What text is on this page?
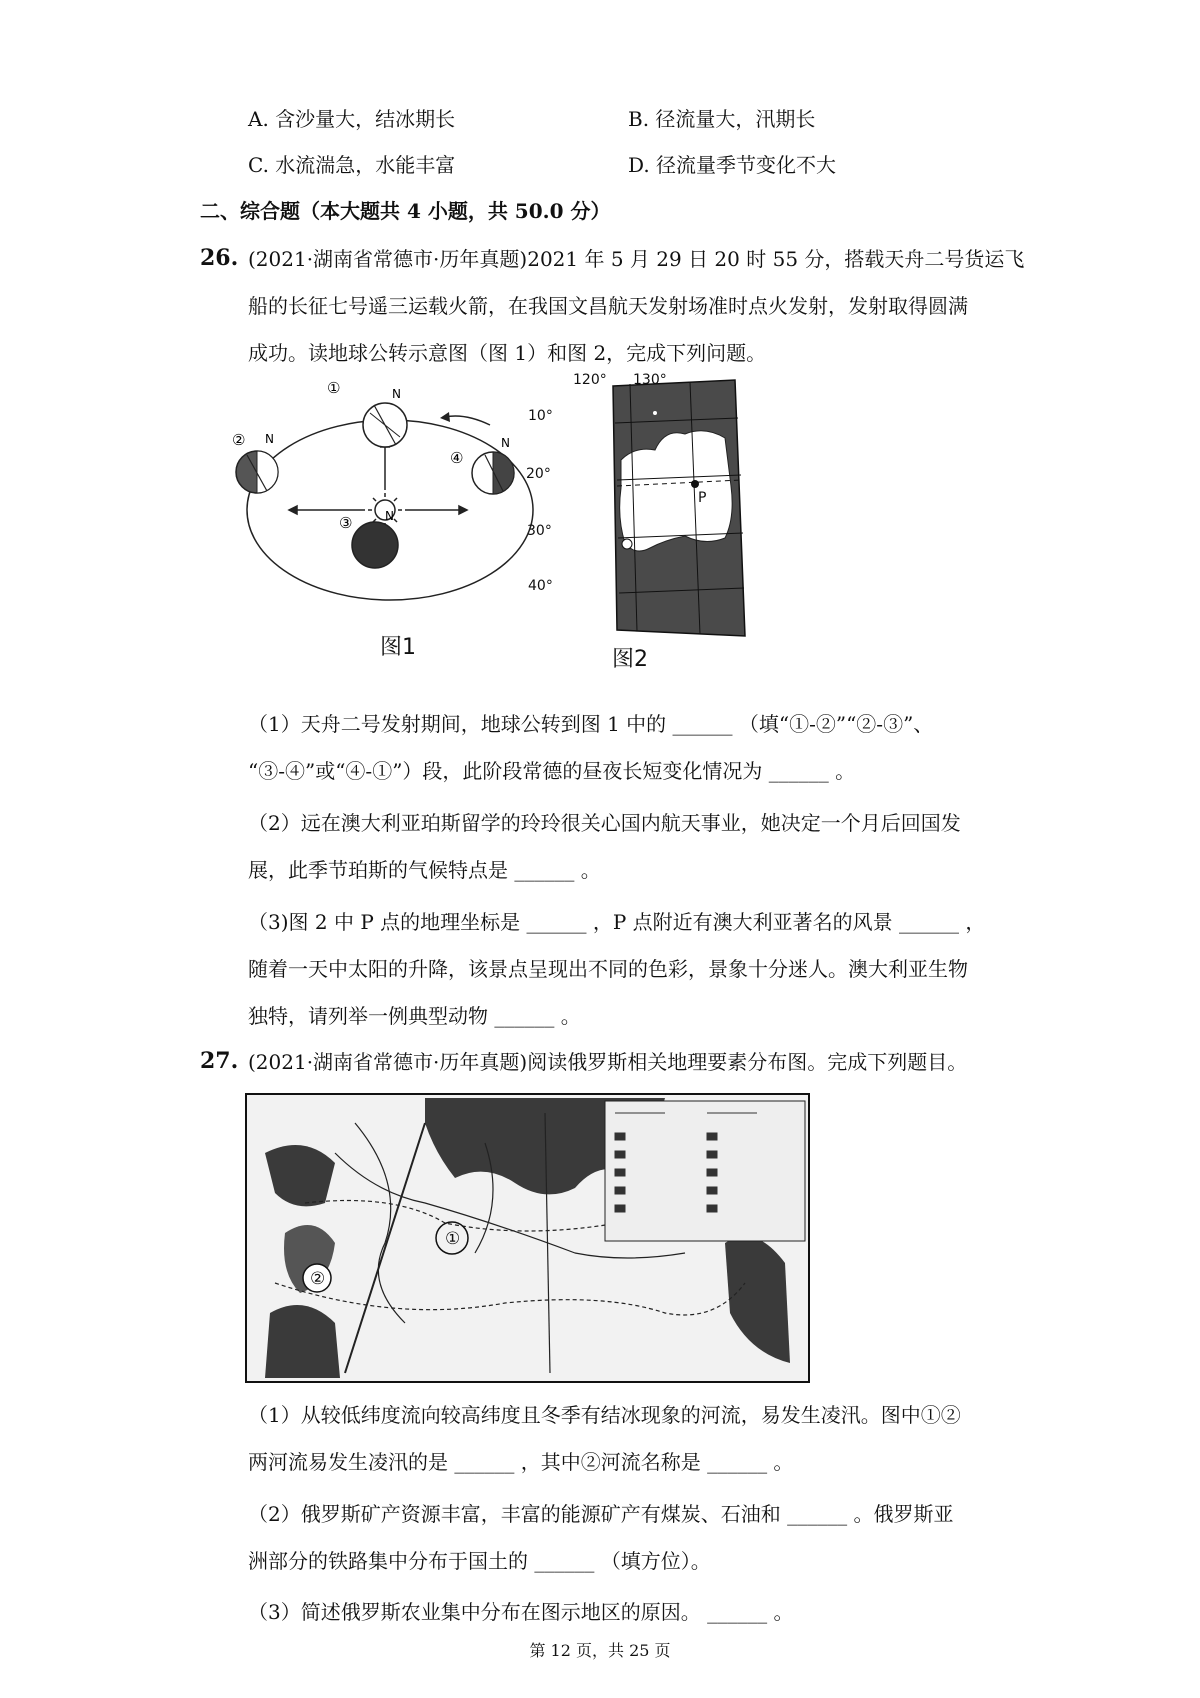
A. 含沙量大，结冰期长	B. 径流量大，汛期长
C. 水流湍急，水能丰富	D. 径流量季节变化不大
二、综合题（本大题共 4 小题，共 50.0 分）
26. (2021·湖南省常德市·历年真题)2021 年 5 月 29 日 20 时 55 分，搭载天舟二号货运飞
船的长征七号遥三运载火箭，在我国文昌航天发射场准时点火发射，发射取得圆满
成功。读地球公转示意图（图 1）和图 2，完成下列问题。
①
②
③
④
N
N
N
N
图1
P
珀斯
120° 130°
10°
20°
30°
40°
图2
（1）天舟二号发射期间，地球公转到图 1 中的 ______ （填“①-②”“②-③”、
“③-④”或“④-①”）段，此阶段常德的昼夜长短变化情况为 ______ 。
（2）远在澳大利亚珀斯留学的玲玲很关心国内航天事业，她决定一个月后回国发
展，此季节珀斯的气候特点是 ______ 。
（3)图 2 中 P 点的地理坐标是 ______ ，P 点附近有澳大利亚著名的风景 ______ ，
随着一天中太阳的升降，该景点呈现出不同的色彩，景象十分迷人。澳大利亚生物
独特，请列举一例典型动物 ______ 。
27. (2021·湖南省常德市·历年真题)阅读俄罗斯相关地理要素分布图。完成下列题目。
①
②
（1）从较低纬度流向较高纬度且冬季有结冰现象的河流，易发生凌汛。图中①②
两河流易发生凌汛的是 ______ ，其中②河流名称是 ______ 。
（2）俄罗斯矿产资源丰富，丰富的能源矿产有煤炭、石油和 ______ 。俄罗斯亚
洲部分的铁路集中分布于国土的 ______ （填方位）。
（3）简述俄罗斯农业集中分布在图示地区的原因。 ______ 。
第 12 页，共 25 页
